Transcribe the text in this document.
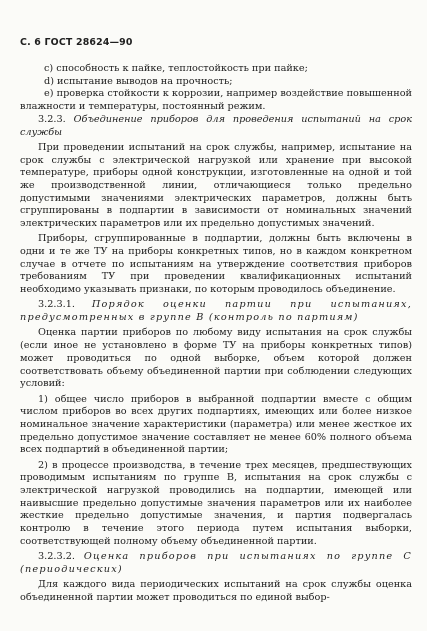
С. 6 ГОСТ 28624—90

с) способность к пайке, теплостойкость при пайке;

d) испытание выводов на прочность;

е) проверка стойкости к коррозии, например воздействие повышенной влажности и температуры, постоянный режим.

3.2.3. Объединение приборов для проведения испытаний на срок службы

При проведении испытаний на срок службы, например, испытание на срок службы с электрической нагрузкой или хранение при высокой температуре, приборы одной конструкции, изготовленные на одной и той же производственной линии, отличающиеся только предельно допустимыми значениями электрических параметров, должны быть сгруппированы в подпартии в зависимости от номинальных значений электрических параметров или их предельно допустимых значений.

Приборы, сгруппированные в подпартии, должны быть включены в одни и те же ТУ на приборы конкретных типов, но в каждом конкретном случае в отчете по испытаниям на утверждение соответствия приборов требованиям ТУ при проведении квалификационных испытаний необходимо указывать признаки, по которым проводилось объединение.

3.2.3.1. Порядок оценки партии при испытаниях, предусмотренных в группе В (контроль по партиям)

Оценка партии приборов по любому виду испытания на срок службы (если иное не установлено в форме ТУ на приборы конкретных типов) может проводиться по одной выборке, объем которой должен соответствовать объему объединенной партии при соблюдении следующих условий:

1) общее число приборов в выбранной подпартии вместе с общим числом приборов во всех других подпартиях, имеющих или более низкое номинальное значение характеристики (параметра) или менее жесткое их предельно допустимое значение составляет не менее 60% полного объема всех подпартий в объединенной партии;

2) в процессе производства, в течение трех месяцев, предшествующих проводимым испытаниям по группе В, испытания на срок службы с электрической нагрузкой проводились на подпартии, имеющей или наивысшие предельно допустимые значения параметров или их наиболее жесткие предельно допустимые значения, и партия подвергалась контролю в течение этого периода путем испытания выборки, соответствующей полному объему объединенной партии.

3.2.3.2. Оценка приборов при испытаниях по группе С (периодических)

Для каждого вида периодических испытаний на срок службы оценка объединенной партии может проводиться по единой выбор-
